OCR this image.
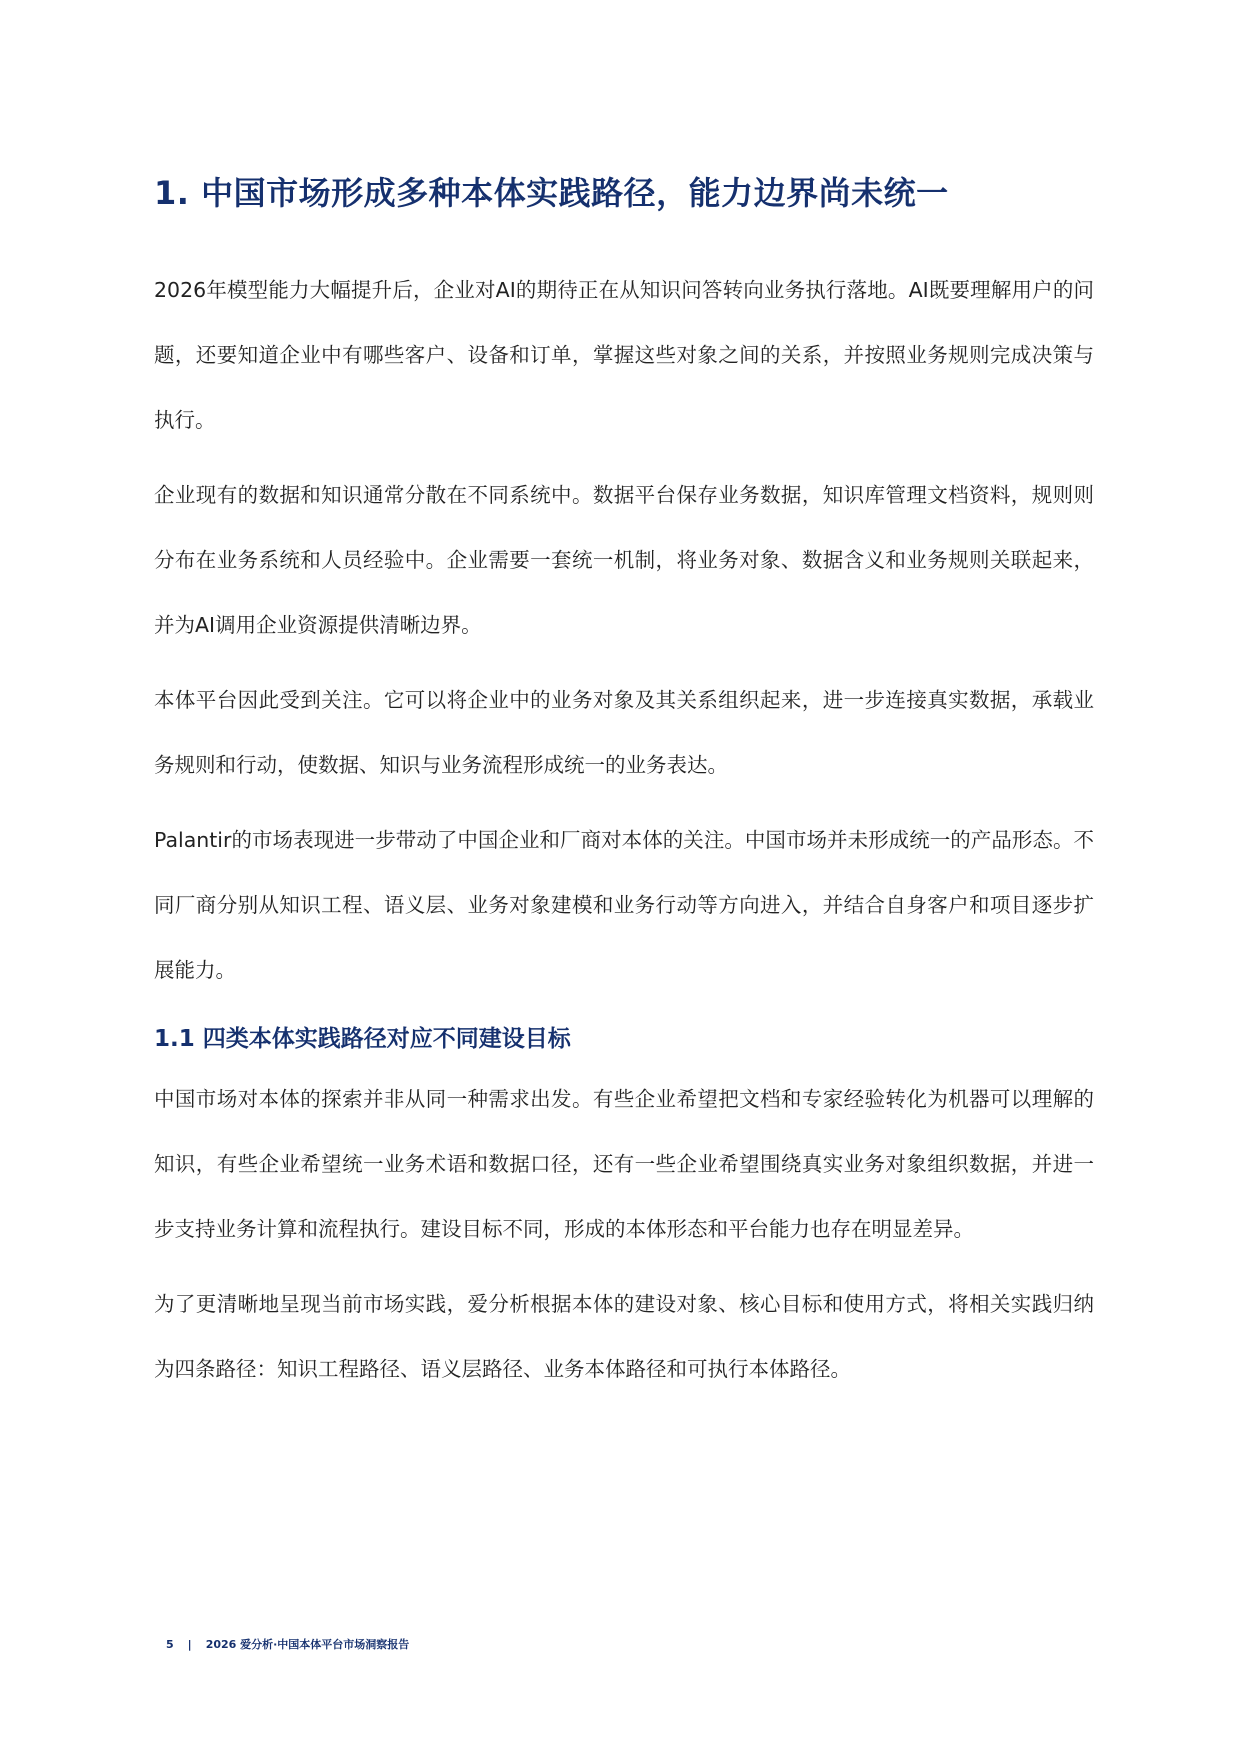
1. 中国市场形成多种本体实践路径，能力边界尚未统一

2026年模型能力大幅提升后，企业对AI的期待正在从知识问答转向业务执行落地。AI既要理解用户的问题，还要知道企业中有哪些客户、设备和订单，掌握这些对象之间的关系，并按照业务规则完成决策与执行。

企业现有的数据和知识通常分散在不同系统中。数据平台保存业务数据，知识库管理文档资料，规则则分布在业务系统和人员经验中。企业需要一套统一机制，将业务对象、数据含义和业务规则关联起来，并为AI调用企业资源提供清晰边界。

本体平台因此受到关注。它可以将企业中的业务对象及其关系组织起来，进一步连接真实数据，承载业务规则和行动，使数据、知识与业务流程形成统一的业务表达。

Palantir的市场表现进一步带动了中国企业和厂商对本体的关注。中国市场并未形成统一的产品形态。不同厂商分别从知识工程、语义层、业务对象建模和业务行动等方向进入，并结合自身客户和项目逐步扩展能力。

1.1 四类本体实践路径对应不同建设目标

中国市场对本体的探索并非从同一种需求出发。有些企业希望把文档和专家经验转化为机器可以理解的知识，有些企业希望统一业务术语和数据口径，还有一些企业希望围绕真实业务对象组织数据，并进一步支持业务计算和流程执行。建设目标不同，形成的本体形态和平台能力也存在明显差异。

为了更清晰地呈现当前市场实践，爱分析根据本体的建设对象、核心目标和使用方式，将相关实践归纳为四条路径：知识工程路径、语义层路径、业务本体路径和可执行本体路径。

5 | 2026 爱分析·中国本体平台市场洞察报告
